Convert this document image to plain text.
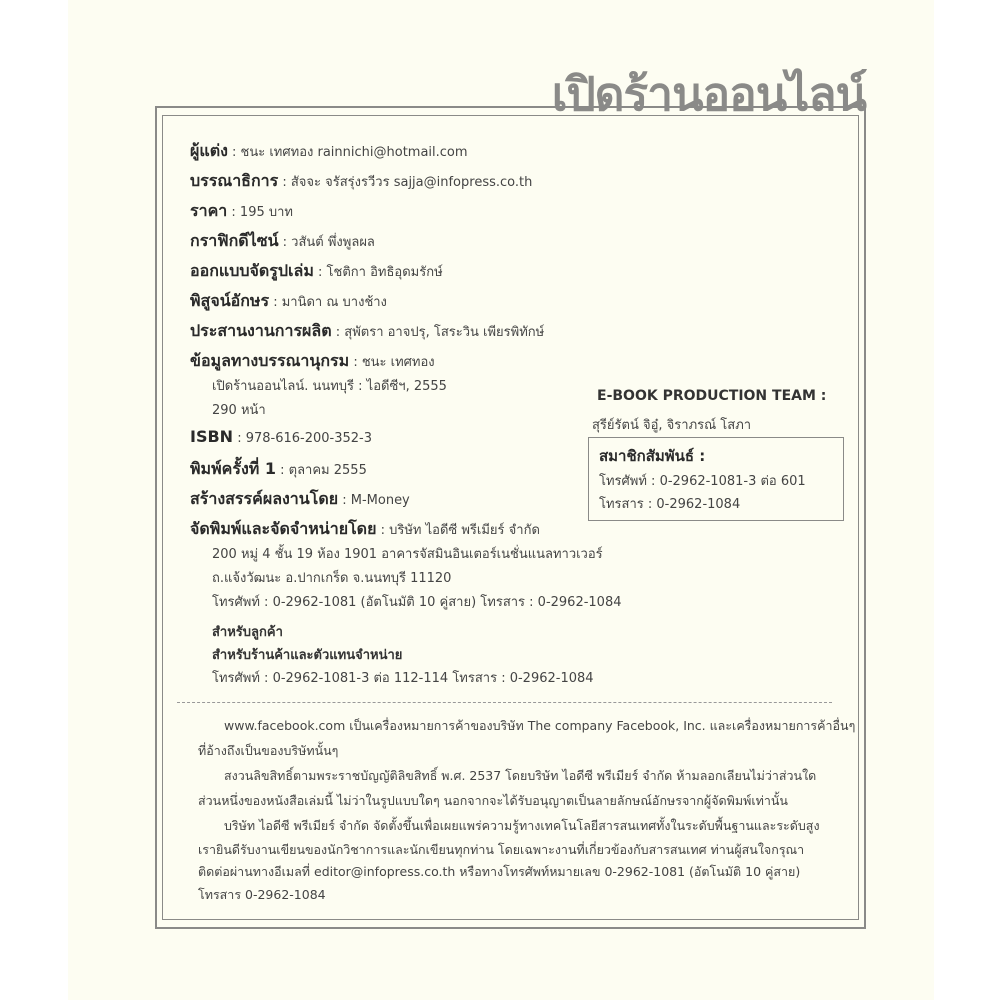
เปิดร้านออนไลน์
ผู้แต่ง : ชนะ เทศทอง rainnichi@hotmail.com
บรรณาธิการ : สัจจะ จรัสรุ่งรวีวร sajja@infopress.co.th
ราคา : 195 บาท
กราฟิกดีไซน์ : วสันต์ พึ่งพูลผล
ออกแบบจัดรูปเล่ม : โชติกา อิทธิอุดมรักษ์
พิสูจน์อักษร : มานิดา ณ บางช้าง
ประสานงานการผลิต : สุพัตรา อาจปรุ, โสระวิน เพียรพิทักษ์
ข้อมูลทางบรรณานุกรม : ชนะ เทศทอง
เปิดร้านออนไลน์. นนทบุรี : ไอดีซีฯ, 2555
290 หน้า
ISBN : 978-616-200-352-3
พิมพ์ครั้งที่ 1 : ตุลาคม 2555
สร้างสรรค์ผลงานโดย : M-Money
จัดพิมพ์และจัดจำหน่ายโดย : บริษัท ไอดีซี พรีเมียร์ จำกัด
200 หมู่ 4 ชั้น 19 ห้อง 1901 อาคารจัสมินอินเตอร์เนชั่นแนลทาวเวอร์
ถ.แจ้งวัฒนะ อ.ปากเกร็ด จ.นนทบุรี 11120
โทรศัพท์ : 0-2962-1081 (อัตโนมัติ 10 คู่สาย) โทรสาร : 0-2962-1084
สำหรับลูกค้า
สำหรับร้านค้าและตัวแทนจำหน่าย
โทรศัพท์ : 0-2962-1081-3 ต่อ 112-114 โทรสาร : 0-2962-1084
E-BOOK PRODUCTION TEAM :
สุรีย์รัตน์ จิอู๋, จิราภรณ์ โสภา
สมาชิกสัมพันธ์ :
โทรศัพท์ : 0-2962-1081-3 ต่อ 601
โทรสาร : 0-2962-1084
www.facebook.com เป็นเครื่องหมายการค้าของบริษัท The company Facebook, Inc. และเครื่องหมายการค้าอื่นๆ
ที่อ้างถึงเป็นของบริษัทนั้นๆ
สงวนลิขสิทธิ์ตามพระราชบัญญัติลิขสิทธิ์ พ.ศ. 2537 โดยบริษัท ไอดีซี พรีเมียร์ จำกัด ห้ามลอกเลียนไม่ว่าส่วนใด
ส่วนหนึ่งของหนังสือเล่มนี้ ไม่ว่าในรูปแบบใดๆ นอกจากจะได้รับอนุญาตเป็นลายลักษณ์อักษรจากผู้จัดพิมพ์เท่านั้น
บริษัท ไอดีซี พรีเมียร์ จำกัด จัดตั้งขึ้นเพื่อเผยแพร่ความรู้ทางเทคโนโลยีสารสนเทศทั้งในระดับพื้นฐานและระดับสูง
เรายินดีรับงานเขียนของนักวิชาการและนักเขียนทุกท่าน โดยเฉพาะงานที่เกี่ยวข้องกับสารสนเทศ ท่านผู้สนใจกรุณา
ติดต่อผ่านทางอีเมลที่ editor@infopress.co.th หรือทางโทรศัพท์หมายเลข 0-2962-1081 (อัตโนมัติ 10 คู่สาย)
โทรสาร 0-2962-1084
